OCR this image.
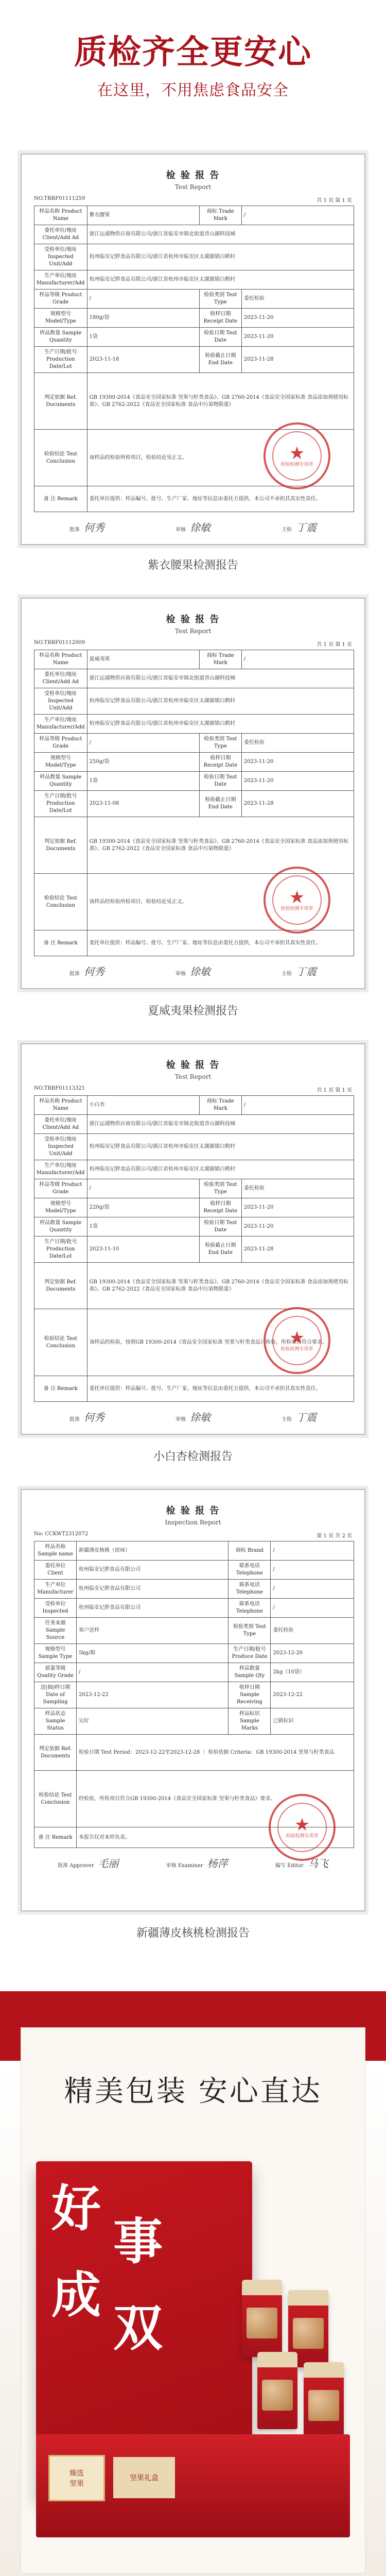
质检齐全更安心
在这里，不用焦虑食品安全
检 验 报 告
Test Report
NO.TRRF01111259	共 1 页 第 1 页
样品名称 Product Name	紫衣腰果	商标 Trade Mark	/
委托单位/地址 Client/Add Ad	浙江运通物供应商有限公司/浙江省临安市锦北街道青山湖科技城		
受检单位/地址 Inspected Unit/Add	杭州临安记胖食品有限公司/浙江省杭州市临安区太湖源镇白鹤村		
生产单位/地址 Manufacturer/Add	杭州临安记胖食品有限公司/浙江省杭州市临安区太湖源镇白鹤村		
样品等级 Product Grade	/	检验类别 Test Type	委托检验
规格型号 Model/Type	180g/袋	收样日期 Receipt Date	2023-11-20
样品数量 Sample Quantity	1袋	检验日期 Test Date	2023-11-20
生产日期/批号 Production Date/Lot	2023-11-18	检验截止日期 End Date	2023-11-28
判定依据 Ref. Documents	GB 19300-2014《食品安全国家标准 坚果与籽类食品》、GB 2760-2014《食品安全国家标准 食品添加剂使用标准》、GB 2762-2022《食品安全国家标准 食品中污染物限量》		
检验结论 Test Conclusion	该样品经检验所检项目，检验结论见正文。		
备 注 Remark	委托单位提供：样品编号、批号、生产厂家、地址等信息由委托方提供，本公司不承担其真实性责任。		
批准 何秀	审核 徐敏	主检 丁震
★
检验检测专用章
紫衣腰果检测报告
检 验 报 告
Test Report
NO.TRRF01112009	共 1 页 第 1 页
样品名称 Product Name	夏威夷果	商标 Trade Mark	/
委托单位/地址 Client/Add Ad	浙江运通物供应商有限公司/浙江省临安市锦北街道青山湖科技城		
受检单位/地址 Inspected Unit/Add	杭州临安记胖食品有限公司/浙江省杭州市临安区太湖源镇白鹤村		
生产单位/地址 Manufacturer/Add	杭州临安记胖食品有限公司/浙江省杭州市临安区太湖源镇白鹤村		
样品等级 Product Grade	/	检验类别 Test Type	委托检验
规格型号 Model/Type	250g/袋	收样日期 Receipt Date	2023-11-20
样品数量 Sample Quantity	1袋	检验日期 Test Date	2023-11-20
生产日期/批号 Production Date/Lot	2023-11-08	检验截止日期 End Date	2023-11-28
判定依据 Ref. Documents	GB 19300-2014《食品安全国家标准 坚果与籽类食品》、GB 2760-2014《食品安全国家标准 食品添加剂使用标准》、GB 2762-2022《食品安全国家标准 食品中污染物限量》		
检验结论 Test Conclusion	该样品经检验所检项目，检验结论见正文。		
备 注 Remark	委托单位提供：样品编号、批号、生产厂家、地址等信息由委托方提供，本公司不承担其真实性责任。		
批准 何秀	审核 徐敏	主检 丁震
★
检验检测专用章
夏威夷果检测报告
检 验 报 告
Test Report
NO.TRRF01113321	共 1 页 第 1 页
样品名称 Product Name	小白杏	商标 Trade Mark	/
委托单位/地址 Client/Add Ad	浙江运通物供应商有限公司/浙江省临安市锦北街道青山湖科技城		
受检单位/地址 Inspected Unit/Add	杭州临安记胖食品有限公司/浙江省杭州市临安区太湖源镇白鹤村		
生产单位/地址 Manufacturer/Add	杭州临安记胖食品有限公司/浙江省杭州市临安区太湖源镇白鹤村		
样品等级 Product Grade	/	检验类别 Test Type	委托检验
规格型号 Model/Type	220g/袋	收样日期 Receipt Date	2023-11-20
样品数量 Sample Quantity	1袋	检验日期 Test Date	2023-11-20
生产日期/批号 Production Date/Lot	2023-11-10	检验截止日期 End Date	2023-11-28
判定依据 Ref. Documents	GB 19300-2014《食品安全国家标准 坚果与籽类食品》、GB 2760-2014《食品安全国家标准 食品添加剂使用标准》、GB 2762-2022《食品安全国家标准 食品中污染物限量》		
检验结论 Test Conclusion	该样品经检验，按照GB 19300-2014《食品安全国家标准 坚果与籽类食品》检验，所检项目符合要求。		
备 注 Remark	委托单位提供：样品编号、批号、生产厂家、地址等信息由委托方提供，本公司不承担其真实性责任。		
批准 何秀	审核 徐敏	主检 丁震
★
检验检测专用章
小白杏检测报告
检 验 报 告
Inspection Report
No: CCKWT2312072	第 1 页 共 2 页
样品名称 Sample name	新疆薄皮核桃（原味）	商标 Brand	/
委托单位 Client	杭州临安记胖食品有限公司	联系电话 Telephone	/
生产单位 Manufacturer	杭州临安记胖食品有限公司	联系电话 Telephone	/
受检单位 Inspected	杭州临安记胖食品有限公司	联系电话 Telephone	/
任务来源 Sample Source	客户送样	检验类别 Test Type	委托检验
规格型号 Sample Type	5kg/箱	生产日期/批号 Produce Date	2023-12-20
质量等级 Quality Grade	/	样品数量 Sample Qty	2kg（10袋）
送(抽)样日期 Date of Sampling	2023-12-22	收样日期 Sample Receiving	2023-12-22
样品状态 Sample Status	完好	样品标识 Sample Marks	已做标识
判定依据 Ref. Documents	检验日期 Test Period：2023-12-22至2023-12-28 ｜ 检验依据 Criteria：GB 19300-2014 坚果与籽类食品		
检验结论 Test Conclusion	经检验，所检项目符合GB 19300-2014《食品安全国家标准 坚果与籽类食品》要求。		
备 注 Remark	本报告仅对来样负责。		
批准 Approver 毛丽	审核 Examiner 杨萍	编写 Editor 马飞
★
检验检测专用章
新疆薄皮核桃检测报告
精美包装 安心直达
好
事
成
双
臻选
坚果
坚果礼盒
